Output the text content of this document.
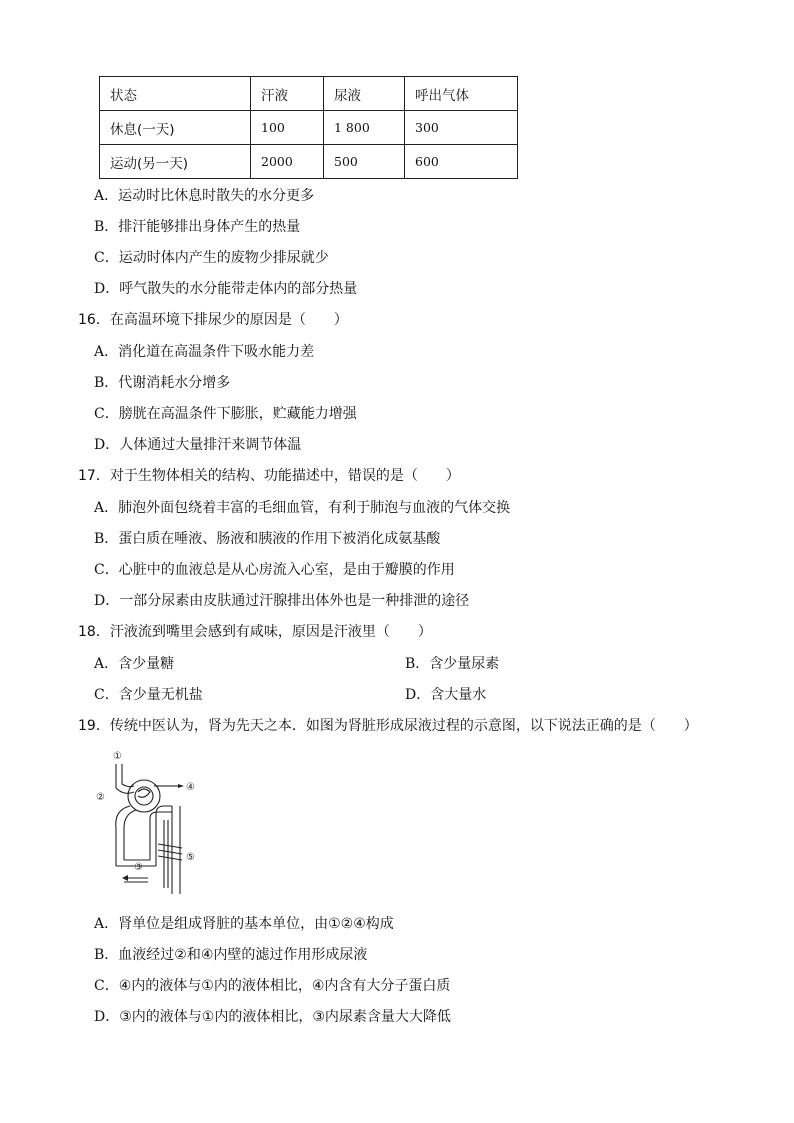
状态	汗液	尿液	呼出气体
休息(一天)	100	1 800	300
运动(另一天)	2000	500	600
A．运动时比休息时散失的水分更多
B．排汗能够排出身体产生的热量
C．运动时体内产生的废物少排尿就少
D．呼气散失的水分能带走体内的部分热量
16．在高温环境下排尿少的原因是（　　）
A．消化道在高温条件下吸水能力差
B．代谢消耗水分增多
C．膀胱在高温条件下膨胀，贮藏能力增强
D．人体通过大量排汗来调节体温
17．对于生物体相关的结构、功能描述中，错误的是（　　）
A．肺泡外面包绕着丰富的毛细血管，有利于肺泡与血液的气体交换
B．蛋白质在唾液、肠液和胰液的作用下被消化成氨基酸
C．心脏中的血液总是从心房流入心室，是由于瓣膜的作用
D．一部分尿素由皮肤通过汗腺排出体外也是一种排泄的途径
18．汗液流到嘴里会感到有咸味，原因是汗液里（　　）
A．含少量糖	B．含少量尿素
C．含少量无机盐	D．含大量水
19．传统中医认为，肾为先天之本．如图为肾脏形成尿液过程的示意图，以下说法正确的是（　　）
①
②
③
④
⑤
A．肾单位是组成肾脏的基本单位，由①②④构成
B．血液经过②和④内壁的滤过作用形成尿液
C．④内的液体与①内的液体相比，④内含有大分子蛋白质
D．③内的液体与①内的液体相比，③内尿素含量大大降低
